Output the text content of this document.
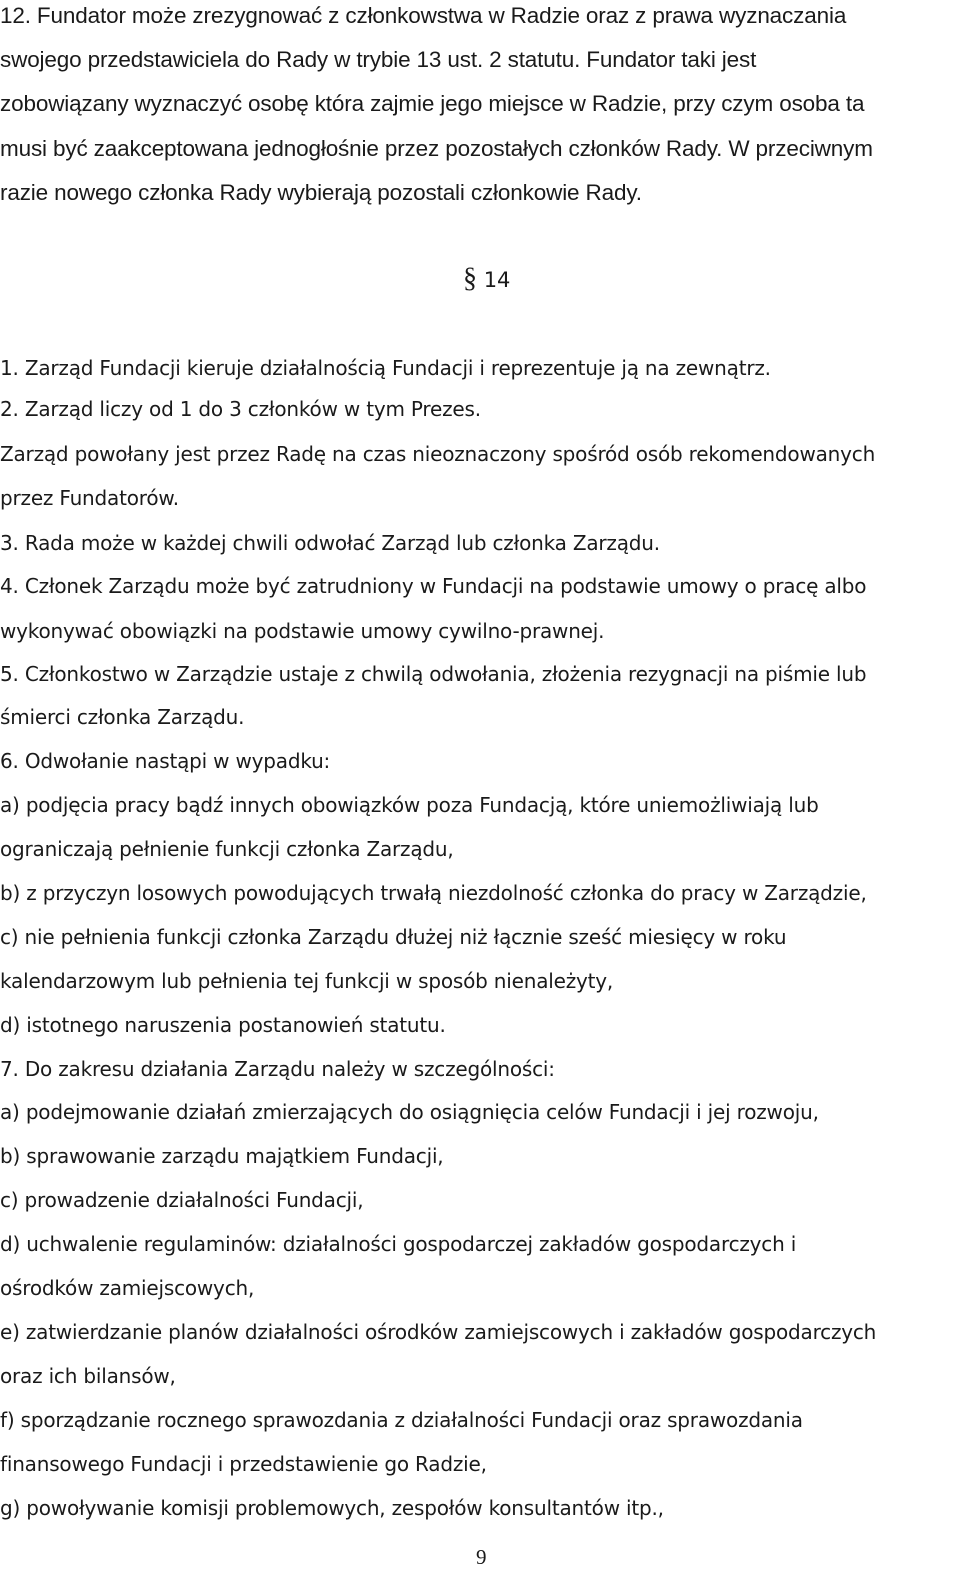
12. Fundator może zrezygnować z członkowstwa w Radzie oraz z prawa wyznaczania

swojego przedstawiciela do Rady w trybie 13 ust. 2 statutu. Fundator taki jest

zobowiązany wyznaczyć osobę która zajmie jego miejsce w Radzie, przy czym osoba ta

musi być zaakceptowana jednogłośnie przez pozostałych członków Rady. W przeciwnym

razie nowego członka Rady wybierają pozostali członkowie Rady.

§ 14

1. Zarząd Fundacji kieruje działalnością Fundacji i reprezentuje ją na zewnątrz.

2. Zarząd liczy od 1 do 3 członków w tym Prezes.

Zarząd powołany jest przez Radę na czas nieoznaczony spośród osób rekomendowanych

przez Fundatorów.

3. Rada może w każdej chwili odwołać Zarząd lub członka Zarządu.

4. Członek Zarządu może być zatrudniony w Fundacji na podstawie umowy o pracę albo

wykonywać obowiązki na podstawie umowy cywilno-prawnej.

5. Członkostwo w Zarządzie ustaje z chwilą odwołania, złożenia rezygnacji na piśmie lub

śmierci członka Zarządu.

6. Odwołanie nastąpi w wypadku:

a) podjęcia pracy bądź innych obowiązków poza Fundacją, które uniemożliwiają lub

ograniczają pełnienie funkcji członka Zarządu,

b) z przyczyn losowych powodujących trwałą niezdolność członka do pracy w Zarządzie,

c) nie pełnienia funkcji członka Zarządu dłużej niż łącznie sześć miesięcy w roku

kalendarzowym lub pełnienia tej funkcji w sposób nienależyty,

d) istotnego naruszenia postanowień statutu.

7. Do zakresu działania Zarządu należy w szczególności:

a) podejmowanie działań zmierzających do osiągnięcia celów Fundacji i jej rozwoju,

b) sprawowanie zarządu majątkiem Fundacji,

c) prowadzenie działalności Fundacji,

d) uchwalenie regulaminów: działalności gospodarczej zakładów gospodarczych i

ośrodków zamiejscowych,

e) zatwierdzanie planów działalności ośrodków zamiejscowych i zakładów gospodarczych

oraz ich bilansów,

f) sporządzanie rocznego sprawozdania z działalności Fundacji oraz sprawozdania

finansowego Fundacji i przedstawienie go Radzie,

g) powoływanie komisji problemowych, zespołów konsultantów itp.,

9
